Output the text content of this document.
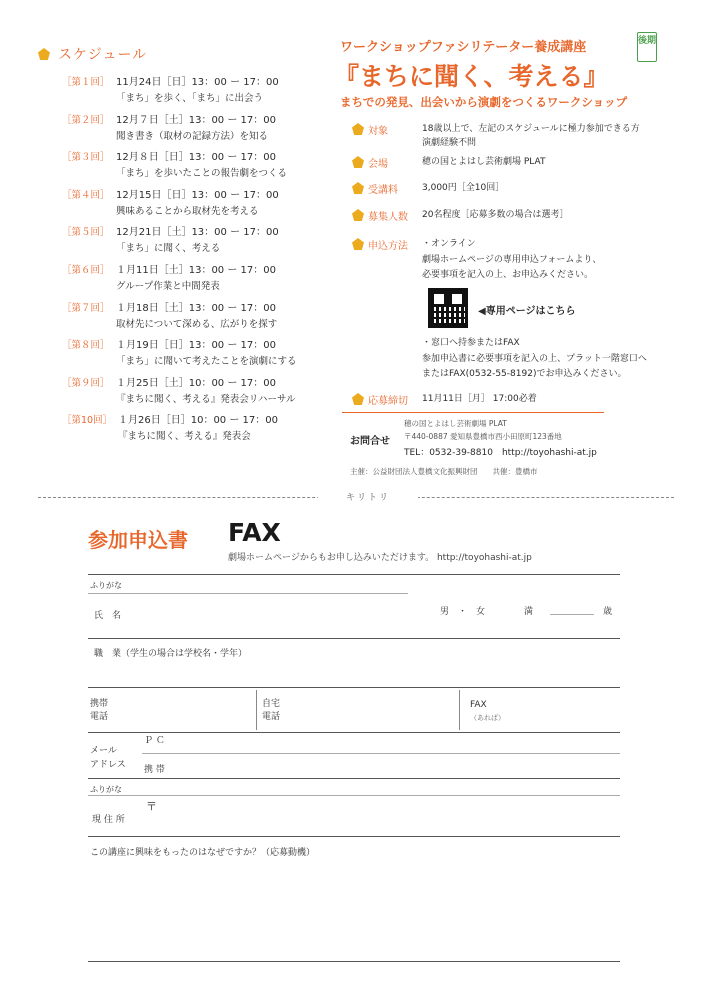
スケジュール
［第１回］ 11月24日［日］13：00 ー 17：00
「まち」を歩く、「まち」に出会う
［第２回］ 12月７日［土］13：00 ー 17：00
聞き書き（取材の記録方法）を知る
［第３回］ 12月８日［日］13：00 ー 17：00
「まち」を歩いたことの報告劇をつくる
［第４回］ 12月15日［日］13：00 ー 17：00
興味あることから取材先を考える
［第５回］ 12月21日［土］13：00 ー 17：00
「まち」に聞く、考える
［第６回］ １月11日［土］13：00 ー 17：00
グループ作業と中間発表
［第７回］ １月18日［土］13：00 ー 17：00
取材先について深める、広がりを探す
［第８回］ １月19日［日］13：00 ー 17：00
「まち」に聞いて考えたことを演劇にする
［第９回］ １月25日［土］10：00 ー 17：00
『まちに聞く、考える』発表会リハーサル
［第10回］ １月26日［日］10：00 ー 17：00
『まちに聞く、考える』発表会
ワークショップファシリテーター養成講座	後期
『まちに聞く、考える』
まちでの発見、出会いから演劇をつくるワークショップ
対象	18歳以上で、左記のスケジュールに極力参加できる方
演劇経験不問
会場	穂の国とよはし芸術劇場 PLAT
受講料	3,000円［全10回］
募集人数 20名程度［応募多数の場合は選考］
申込方法 ・オンライン
劇場ホームページの専用申込フォームより、
必要事項を記入の上、お申込みください。
◀専用ページはこちら
・窓口へ持参またはFAX
参加申込書に必要事項を記入の上、プラット一階窓口へ
またはFAX(0532-55-8192)でお申込みください。
応募締切 11月11日［月］ 17:00必着
お問合せ
穂の国とよはし芸術劇場 PLAT
〒440-0887 愛知県豊橋市西小田原町123番地
TEL：0532-39-8810　http://toyohashi-at.jp
主催：公益財団法人豊橋文化振興財団　　共催：豊橋市
キリトリ
参加申込書 FAX
劇場ホームページからもお申し込みいただけます。 http://toyohashi-at.jp
ふりがな
氏　名	男　・　女	満	歳
職　業（学生の場合は学校名・学年）
携帯
電話
自宅
電話
FAX
（あれば）
メール
アドレス
Ｐ Ｃ
携 帯
ふりがな
〒
現 住 所
この講座に興味をもったのはなぜですか？（応募動機）
